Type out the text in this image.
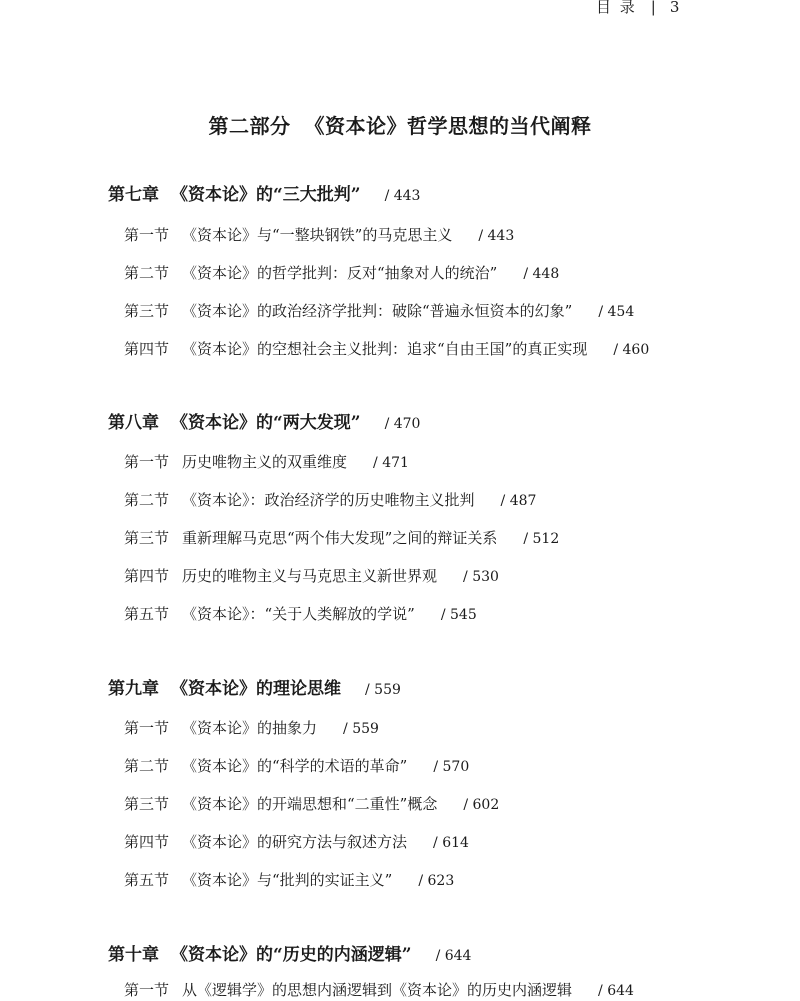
目 录 | 3
第二部分 《资本论》哲学思想的当代阐释
第七章 《资本论》的“三大批判” / 443
第一节 《资本论》与“一整块钢铁”的马克思主义 / 443
第二节 《资本论》的哲学批判：反对“抽象对人的统治” / 448
第三节 《资本论》的政治经济学批判：破除“普遍永恒资本的幻象” / 454
第四节 《资本论》的空想社会主义批判：追求“自由王国”的真正实现 / 460
第八章 《资本论》的“两大发现” / 470
第一节 历史唯物主义的双重维度 / 471
第二节 《资本论》：政治经济学的历史唯物主义批判 / 487
第三节 重新理解马克思“两个伟大发现”之间的辩证关系 / 512
第四节 历史的唯物主义与马克思主义新世界观 / 530
第五节 《资本论》：“关于人类解放的学说” / 545
第九章 《资本论》的理论思维 / 559
第一节 《资本论》的抽象力 / 559
第二节 《资本论》的“科学的术语的革命” / 570
第三节 《资本论》的开端思想和“二重性”概念 / 602
第四节 《资本论》的研究方法与叙述方法 / 614
第五节 《资本论》与“批判的实证主义” / 623
第十章 《资本论》的“历史的内涵逻辑” / 644
第一节 从《逻辑学》的思想内涵逻辑到《资本论》的历史内涵逻辑 / 644
